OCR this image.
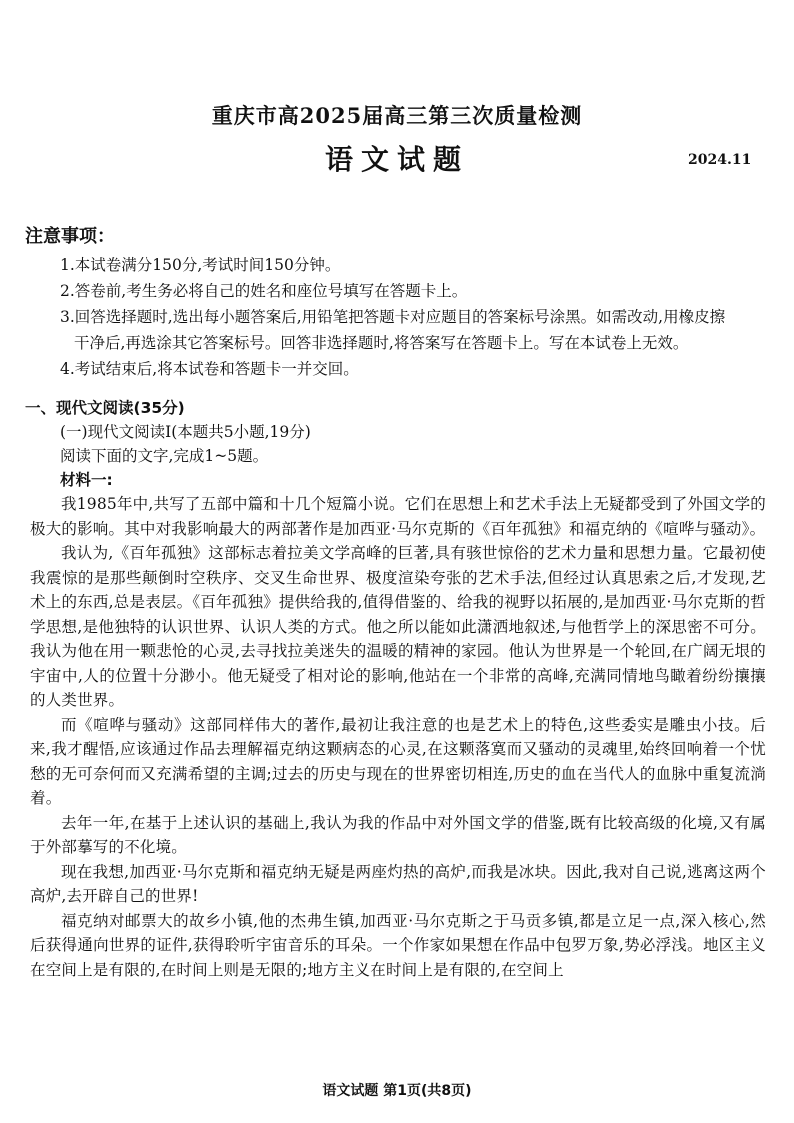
重庆市高2025届高三第三次质量检测
语文试题	2024.11
注意事项：
1.本试卷满分150分,考试时间150分钟。
2.答卷前,考生务必将自己的姓名和座位号填写在答题卡上。
3.回答选择题时,选出每小题答案后,用铅笔把答题卡对应题目的答案标号涂黑。如需改动,用橡皮擦
干净后,再选涂其它答案标号。回答非选择题时,将答案写在答题卡上。写在本试卷上无效。
4.考试结束后,将本试卷和答题卡一并交回。
一、现代文阅读(35分)
(一)现代文阅读Ⅰ(本题共5小题,19分)
阅读下面的文字,完成1~5题。
材料一:

我1985年中,共写了五部中篇和十几个短篇小说。它们在思想上和艺术手法上无疑都受到了外国文学的极大的影响。其中对我影响最大的两部著作是加西亚·马尔克斯的《百年孤独》和福克纳的《喧哗与骚动》。

我认为,《百年孤独》这部标志着拉美文学高峰的巨著,具有骇世惊俗的艺术力量和思想力量。它最初使我震惊的是那些颠倒时空秩序、交叉生命世界、极度渲染夸张的艺术手法,但经过认真思索之后,才发现,艺术上的东西,总是表层。《百年孤独》提供给我的,值得借鉴的、给我的视野以拓展的,是加西亚·马尔克斯的哲学思想,是他独特的认识世界、认识人类的方式。他之所以能如此潇洒地叙述,与他哲学上的深思密不可分。我认为他在用一颗悲怆的心灵,去寻找拉美迷失的温暖的精神的家园。他认为世界是一个轮回,在广阔无垠的宇宙中,人的位置十分渺小。他无疑受了相对论的影响,他站在一个非常的高峰,充满同情地鸟瞰着纷纷攘攘的人类世界。

而《喧哗与骚动》这部同样伟大的著作,最初让我注意的也是艺术上的特色,这些委实是雕虫小技。后来,我才醒悟,应该通过作品去理解福克纳这颗病态的心灵,在这颗落寞而又骚动的灵魂里,始终回响着一个忧愁的无可奈何而又充满希望的主调;过去的历史与现在的世界密切相连,历史的血在当代人的血脉中重复流淌着。

去年一年,在基于上述认识的基础上,我认为我的作品中对外国文学的借鉴,既有比较高级的化境,又有属于外部摹写的不化境。

现在我想,加西亚·马尔克斯和福克纳无疑是两座灼热的高炉,而我是冰块。因此,我对自己说,逃离这两个高炉,去开辟自己的世界!

福克纳对邮票大的故乡小镇,他的杰弗生镇,加西亚·马尔克斯之于马贡多镇,都是立足一点,深入核心,然后获得通向世界的证件,获得聆听宇宙音乐的耳朵。一个作家如果想在作品中包罗万象,势必浮浅。地区主义在空间上是有限的,在时间上则是无限的;地方主义在时间上是有限的,在空间上

语文试题 第1页(共8页)
